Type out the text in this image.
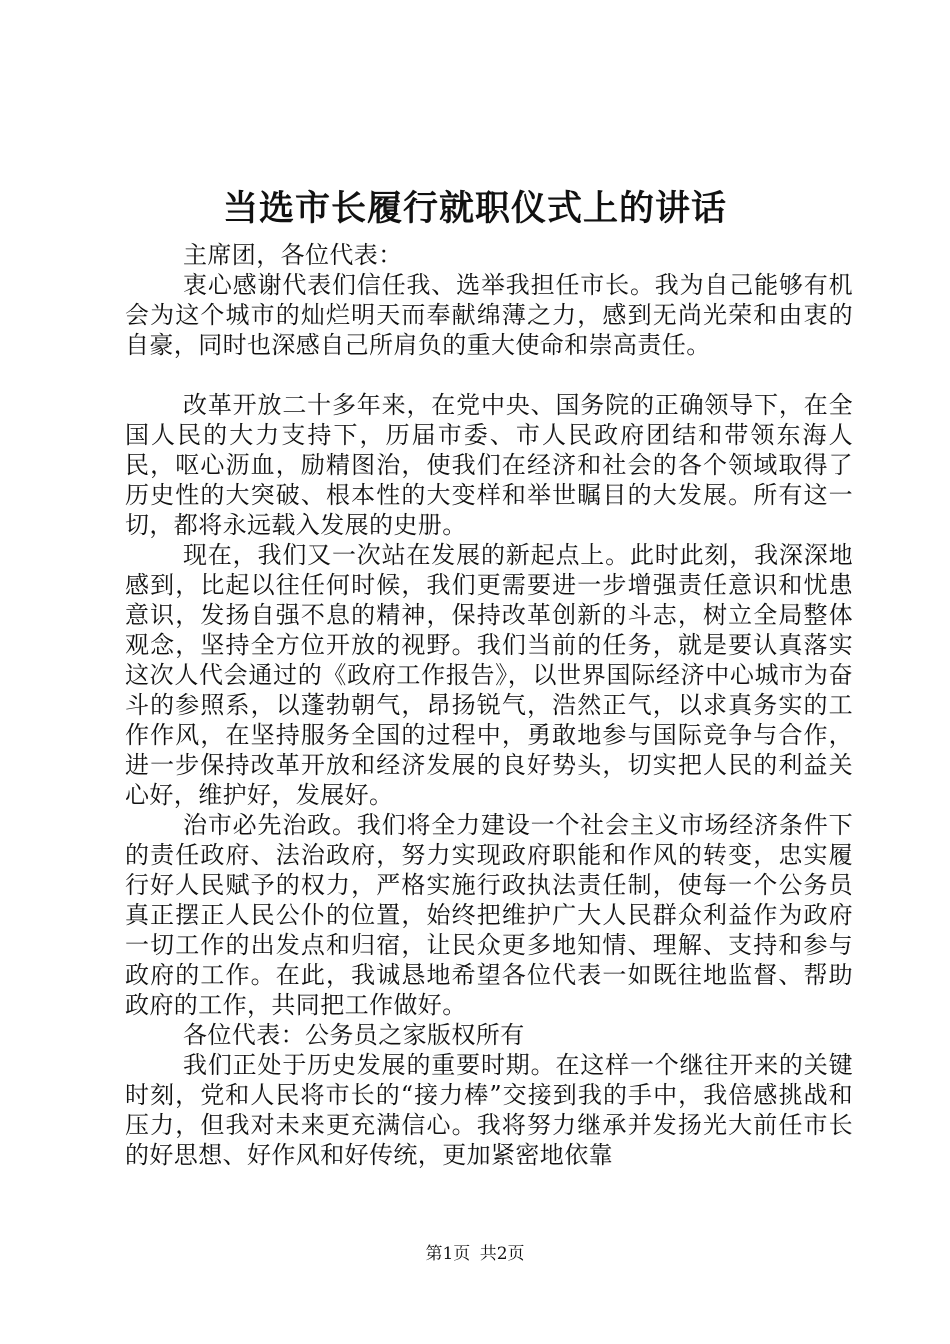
当选市长履行就职仪式上的讲话

主席团，各位代表：

衷心感谢代表们信任我、选举我担任市长。我为自己能够有机会为这个城市的灿烂明天而奉献绵薄之力，感到无尚光荣和由衷的自豪，同时也深感自己所肩负的重大使命和崇高责任。

改革开放二十多年来，在党中央、国务院的正确领导下，在全国人民的大力支持下，历届市委、市人民政府团结和带领东海人民，呕心沥血，励精图治，使我们在经济和社会的各个领域取得了历史性的大突破、根本性的大变样和举世瞩目的大发展。所有这一切，都将永远载入发展的史册。

现在，我们又一次站在发展的新起点上。此时此刻，我深深地感到，比起以往任何时候，我们更需要进一步增强责任意识和忧患意识，发扬自强不息的精神，保持改革创新的斗志，树立全局整体观念，坚持全方位开放的视野。我们当前的任务，就是要认真落实这次人代会通过的《政府工作报告》，以世界国际经济中心城市为奋斗的参照系，以蓬勃朝气，昂扬锐气，浩然正气，以求真务实的工作作风，在坚持服务全国的过程中，勇敢地参与国际竞争与合作，进一步保持改革开放和经济发展的良好势头，切实把人民的利益关心好，维护好，发展好。

治市必先治政。我们将全力建设一个社会主义市场经济条件下的责任政府、法治政府，努力实现政府职能和作风的转变，忠实履行好人民赋予的权力，严格实施行政执法责任制，使每一个公务员真正摆正人民公仆的位置，始终把维护广大人民群众利益作为政府一切工作的出发点和归宿，让民众更多地知情、理解、支持和参与政府的工作。在此，我诚恳地希望各位代表一如既往地监督、帮助政府的工作，共同把工作做好。

各位代表：公务员之家版权所有

我们正处于历史发展的重要时期。在这样一个继往开来的关键时刻，党和人民将市长的“接力棒”交接到我的手中，我倍感挑战和压力，但我对未来更充满信心。我将努力继承并发扬光大前任市长的好思想、好作风和好传统，更加紧密地依靠

第1页 共2页
